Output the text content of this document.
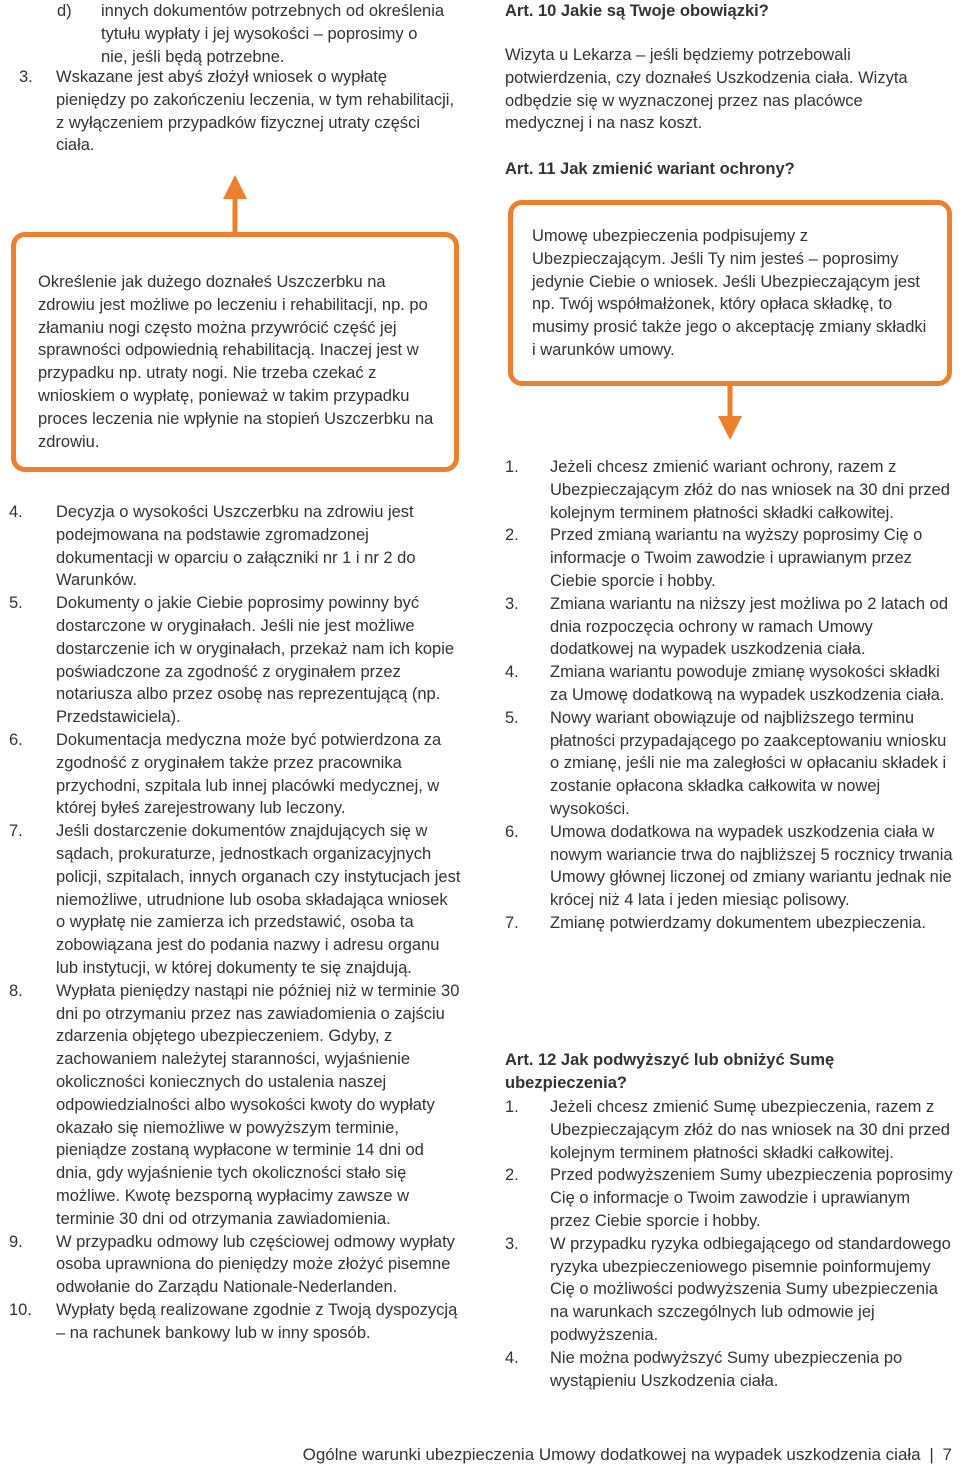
d)	innych dokumentów potrzebnych od określenia tytułu wypłaty i jej wysokości – poprosimy o nie, jeśli będą potrzebne.
3.	Wskazane jest abyś złożył wniosek o wypłatę pieniędzy po zakończeniu leczenia, w tym rehabilitacji, z wyłączeniem przypadków fizycznej utraty części ciała.
Określenie jak dużego doznałeś Uszczerbku na zdrowiu jest możliwe po leczeniu i rehabilitacji, np. po złamaniu nogi często można przywrócić część jej sprawności odpowiednią rehabilitacją. Inaczej jest w przypadku np. utraty nogi. Nie trzeba czekać z wnioskiem o wypłatę, ponieważ w takim przypadku proces leczenia nie wpłynie na stopień Uszczerbku na zdrowiu.
4.	Decyzja o wysokości Uszczerbku na zdrowiu jest podejmowana na podstawie zgromadzonej dokumentacji w oparciu o załączniki nr 1 i nr 2 do Warunków.
5.	Dokumenty o jakie Ciebie poprosimy powinny być dostarczone w oryginałach. Jeśli nie jest możliwe dostarczenie ich w oryginałach, przekaż nam ich kopie poświadczone za zgodność z oryginałem przez notariusza albo przez osobę nas reprezentującą (np. Przedstawiciela).
6.	Dokumentacja medyczna może być potwierdzona za zgodność z oryginałem także przez pracownika przychodni, szpitala lub innej placówki medycznej, w której byłeś zarejestrowany lub leczony.
7.	Jeśli dostarczenie dokumentów znajdujących się w sądach, prokuraturze, jednostkach organizacyjnych policji, szpitalach, innych organach czy instytucjach jest niemożliwe, utrudnione lub osoba składająca wniosek o wypłatę nie zamierza ich przedstawić, osoba ta zobowiązana jest do podania nazwy i adresu organu lub instytucji, w której dokumenty te się znajdują.
8.	Wypłata pieniędzy nastąpi nie później niż w terminie 30 dni po otrzymaniu przez nas zawiadomienia o zajściu zdarzenia objętego ubezpieczeniem. Gdyby, z zachowaniem należytej staranności, wyjaśnienie okoliczności koniecznych do ustalenia naszej odpowiedzialności albo wysokości kwoty do wypłaty okazało się niemożliwe w powyższym terminie, pieniądze zostaną wypłacone w terminie 14 dni od dnia, gdy wyjaśnienie tych okoliczności stało się możliwe. Kwotę bezsporną wypłacimy zawsze w terminie 30 dni od otrzymania zawiadomienia.
9.	W przypadku odmowy lub częściowej odmowy wypłaty osoba uprawniona do pieniędzy może złożyć pisemne odwołanie do Zarządu Nationale-Nederlanden.
10.	Wypłaty będą realizowane zgodnie z Twoją dyspozycją – na rachunek bankowy lub w inny sposób.
Art. 10 Jakie są Twoje obowiązki?
Wizyta u Lekarza – jeśli będziemy potrzebowali potwierdzenia, czy doznałeś Uszkodzenia ciała. Wizyta odbędzie się w wyznaczonej przez nas placówce medycznej i na nasz koszt.
Art. 11 Jak zmienić wariant ochrony?
Umowę ubezpieczenia podpisujemy z Ubezpieczającym. Jeśli Ty nim jesteś – poprosimy jedynie Ciebie o wniosek. Jeśli Ubezpieczającym jest np. Twój współmałżonek, który opłaca składkę, to musimy prosić także jego o akceptację zmiany składki i warunków umowy.
1.	Jeżeli chcesz zmienić wariant ochrony, razem z Ubezpieczającym złóż do nas wniosek na 30 dni przed kolejnym terminem płatności składki całkowitej.
2.	Przed zmianą wariantu na wyższy poprosimy Cię o informacje o Twoim zawodzie i uprawianym przez Ciebie sporcie i hobby.
3.	Zmiana wariantu na niższy jest możliwa po 2 latach od dnia rozpoczęcia ochrony w ramach Umowy dodatkowej na wypadek uszkodzenia ciała.
4.	Zmiana wariantu powoduje zmianę wysokości składki za Umowę dodatkową na wypadek uszkodzenia ciała.
5.	Nowy wariant obowiązuje od najbliższego terminu płatności przypadającego po zaakceptowaniu wniosku o zmianę, jeśli nie ma zaległości w opłacaniu składek i zostanie opłacona składka całkowita w nowej wysokości.
6.	Umowa dodatkowa na wypadek uszkodzenia ciała w nowym wariancie trwa do najbliższej 5 rocznicy trwania Umowy głównej liczonej od zmiany wariantu jednak nie krócej niż 4 lata i jeden miesiąc polisowy.
7.	Zmianę potwierdzamy dokumentem ubezpieczenia.
Art. 12 Jak podwyższyć lub obniżyć Sumę ubezpieczenia?
1.	Jeżeli chcesz zmienić Sumę ubezpieczenia, razem z Ubezpieczającym złóż do nas wniosek na 30 dni przed kolejnym terminem płatności składki całkowitej.
2.	Przed podwyższeniem Sumy ubezpieczenia poprosimy Cię o informacje o Twoim zawodzie i uprawianym przez Ciebie sporcie i hobby.
3.	W przypadku ryzyka odbiegającego od standardowego ryzyka ubezpieczeniowego pisemnie poinformujemy Cię o możliwości podwyższenia Sumy ubezpieczenia na warunkach szczególnych lub odmowie jej podwyższenia.
4.	Nie można podwyższyć Sumy ubezpieczenia po wystąpieniu Uszkodzenia ciała.
Ogólne warunki ubezpieczenia Umowy dodatkowej na wypadek uszkodzenia ciała | 7
